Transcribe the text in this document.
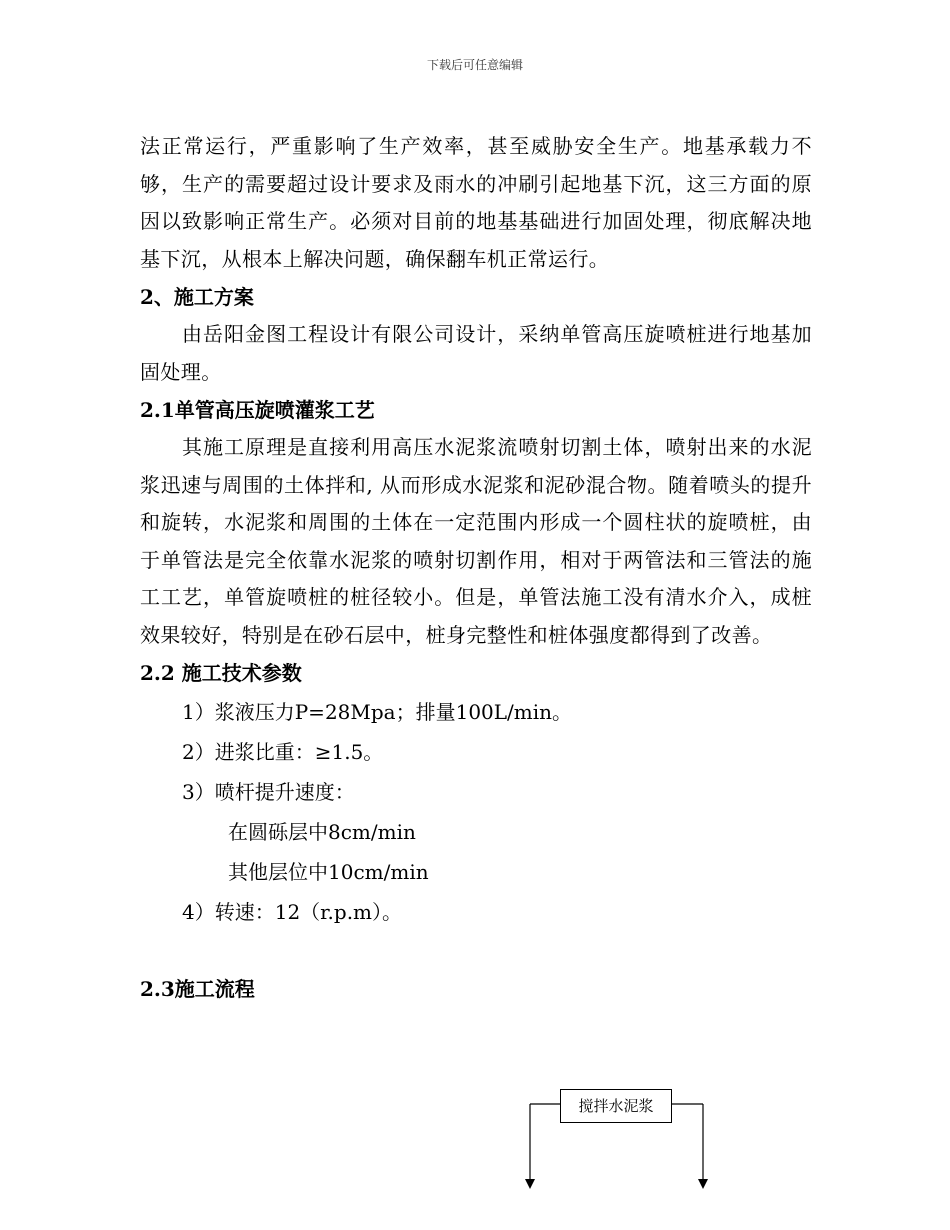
下载后可任意编辑

法正常运行，严重影响了生产效率，甚至威胁安全生产。地基承载力不够，生产的需要超过设计要求及雨水的冲刷引起地基下沉，这三方面的原因以致影响正常生产。必须对目前的地基基础进行加固处理，彻底解决地基下沉，从根本上解决问题，确保翻车机正常运行。

2、施工方案

由岳阳金图工程设计有限公司设计，采纳单管高压旋喷桩进行地基加固处理。

2.1单管高压旋喷灌浆工艺

其施工原理是直接利用高压水泥浆流喷射切割土体，喷射出来的水泥浆迅速与周围的土体拌和, 从而形成水泥浆和泥砂混合物。随着喷头的提升和旋转，水泥浆和周围的土体在一定范围内形成一个圆柱状的旋喷桩，由于单管法是完全依靠水泥浆的喷射切割作用，相对于两管法和三管法的施工工艺，单管旋喷桩的桩径较小。但是，单管法施工没有清水介入，成桩效果较好，特别是在砂石层中，桩身完整性和桩体强度都得到了改善。

2.2 施工技术参数

1）浆液压力P=28Mpa；排量100L/min。

2）进浆比重：≥1.5。

3）喷杆提升速度：

在圆砾层中8cm/min

其他层位中10cm/min

4）转速：12（r.p.m）。

2.3施工流程

搅拌水泥浆
